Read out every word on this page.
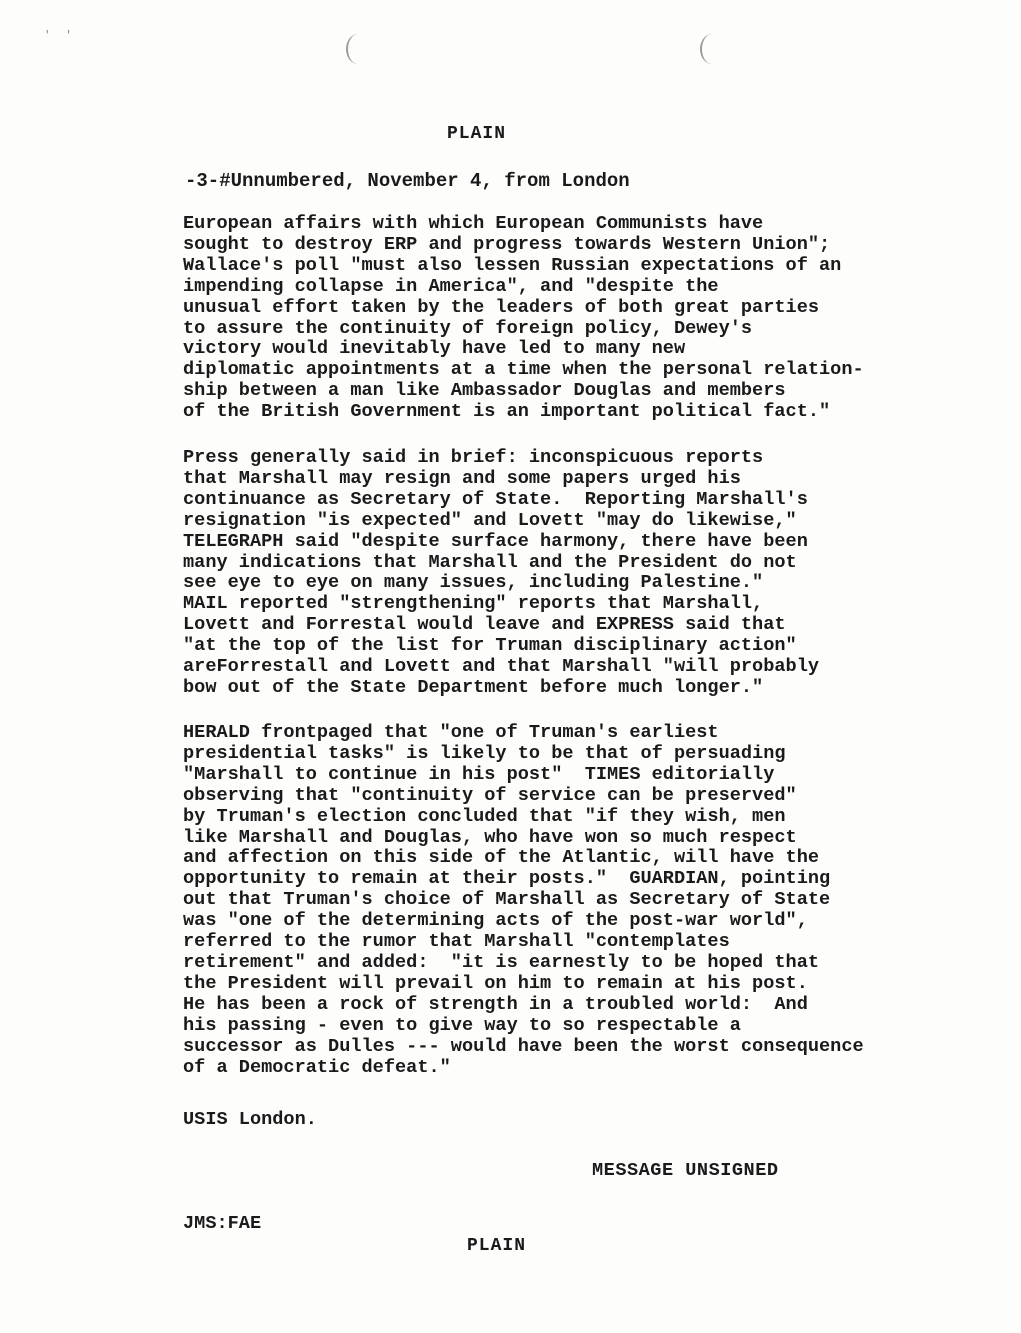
' '
PLAIN
-3-#Unnumbered, November 4, from London
European affairs with which European Communists have
sought to destroy ERP and progress towards Western Union";
Wallace's poll "must also lessen Russian expectations of an
impending collapse in America", and "despite the
unusual effort taken by the leaders of both great parties
to assure the continuity of foreign policy, Dewey's
victory would inevitably have led to many new
diplomatic appointments at a time when the personal relation-
ship between a man like Ambassador Douglas and members
of the British Government is an important political fact."
Press generally said in brief: inconspicuous reports
that Marshall may resign and some papers urged his
continuance as Secretary of State.  Reporting Marshall's
resignation "is expected" and Lovett "may do likewise,"
TELEGRAPH said "despite surface harmony, there have been
many indications that Marshall and the President do not
see eye to eye on many issues, including Palestine."
MAIL reported "strengthening" reports that Marshall,
Lovett and Forrestal would leave and EXPRESS said that
"at the top of the list for Truman disciplinary action"
areForrestall and Lovett and that Marshall "will probably
bow out of the State Department before much longer."
HERALD frontpaged that "one of Truman's earliest
presidential tasks" is likely to be that of persuading
"Marshall to continue in his post"  TIMES editorially
observing that "continuity of service can be preserved"
by Truman's election concluded that "if they wish, men
like Marshall and Douglas, who have won so much respect
and affection on this side of the Atlantic, will have the
opportunity to remain at their posts."  GUARDIAN, pointing
out that Truman's choice of Marshall as Secretary of State
was "one of the determining acts of the post-war world",
referred to the rumor that Marshall "contemplates
retirement" and added:  "it is earnestly to be hoped that
the President will prevail on him to remain at his post.
He has been a rock of strength in a troubled world:  And
his passing - even to give way to so respectable a
successor as Dulles --- would have been the worst consequence
of a Democratic defeat."
USIS London.
MESSAGE UNSIGNED
JMS:FAE
PLAIN
